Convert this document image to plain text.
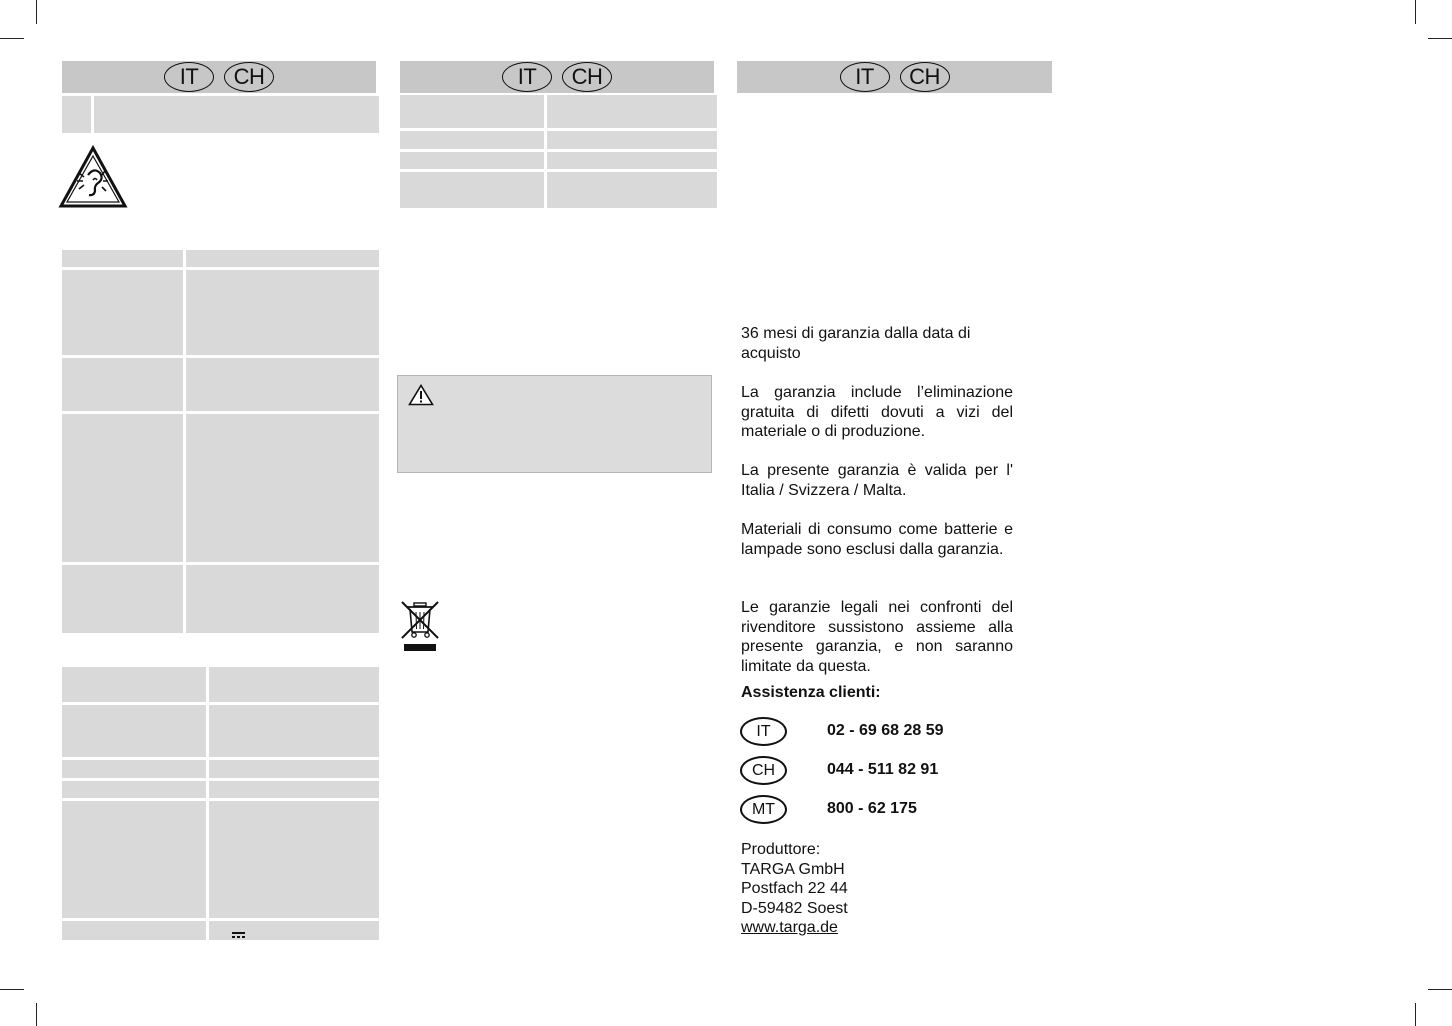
IT	CH	IT	CH	IT	CH

36 mesi di garanzia dalla data di acquisto

La garanzia include l’eliminazione gratuita di difetti dovuti a vizi del materiale o di produzione.

La presente garanzia è valida per l' Italia / Svizzera / Malta.

Materiali di consumo come batterie e lampade sono esclusi dalla garanzia.

Le garanzie legali nei confronti del rivenditore sussistono assieme alla presente garanzia, e non saranno limitate da questa.

Assistenza clienti:
IT	02 - 69 68 28 59
CH	044 - 511 82 91
MT	800 - 62 175

Produttore:

TARGA GmbH

Postfach 22 44

D-59482 Soest

www.targa.de
